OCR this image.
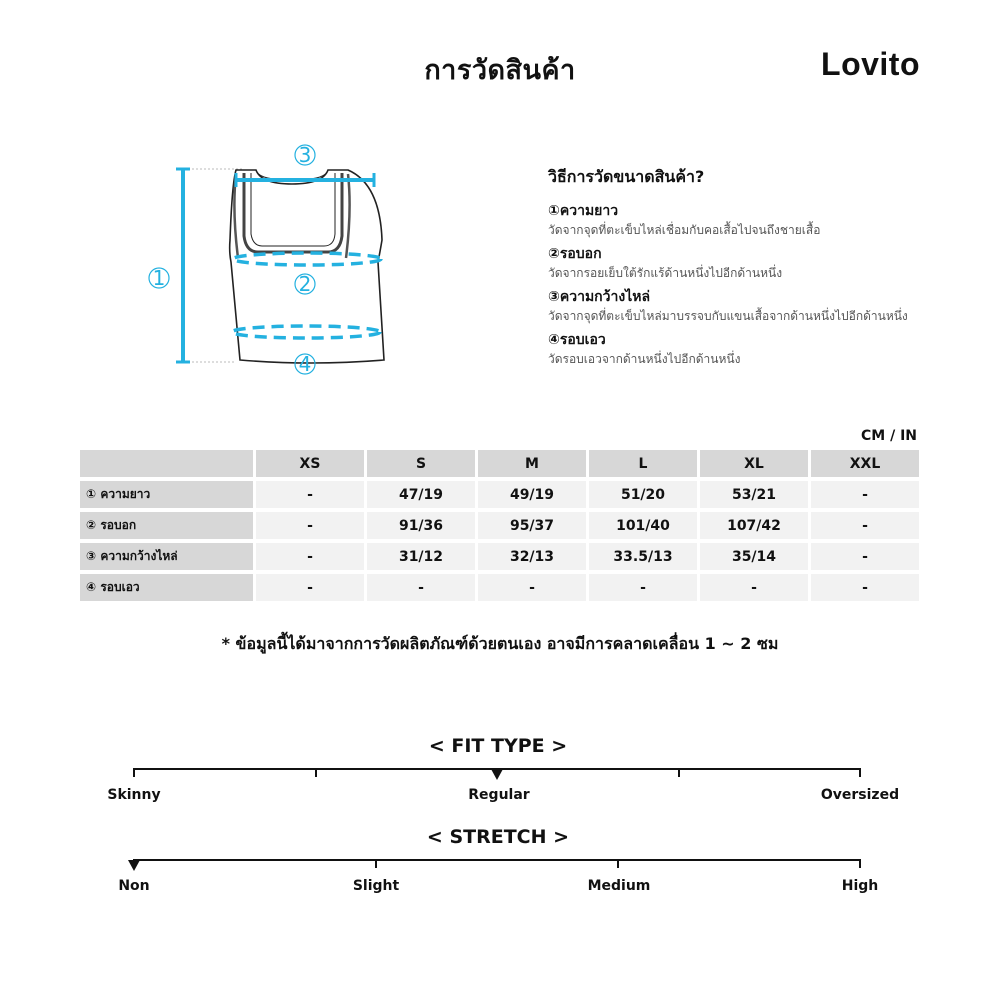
การวัดสินค้า	Lovito
1
3
2
4
วิธีการวัดขนาดสินค้า?
①ความยาว
วัดจากจุดที่ตะเข็บไหล่เชื่อมกับคอเสื้อไปจนถึงชายเสื้อ
②รอบอก
วัดจากรอยเย็บใต้รักแร้ด้านหนึ่งไปอีกด้านหนึ่ง
③ความกว้างไหล่
วัดจากจุดที่ตะเข็บไหล่มาบรรจบกับแขนเสื้อจากด้านหนึ่งไปอีกด้านหนึ่ง
④รอบเอว
วัดรอบเอวจากด้านหนึ่งไปอีกด้านหนึ่ง
CM / IN
	XS	S	M	L	XL	XXL
① ความยาว	-	47/19	49/19	51/20	53/21	-
② รอบอก	-	91/36	95/37	101/40	107/42	-
③ ความกว้างไหล่	-	31/12	32/13	33.5/13	35/14	-
④ รอบเอว	-	-	-	-	-	-
* ข้อมูลนี้ได้มาจากการวัดผลิตภัณฑ์ด้วยตนเอง อาจมีการคลาดเคลื่อน 1 ~ 2 ซม
< FIT TYPE >
Skinny	Regular	Oversized
< STRETCH >
Non	Slight	Medium	High
